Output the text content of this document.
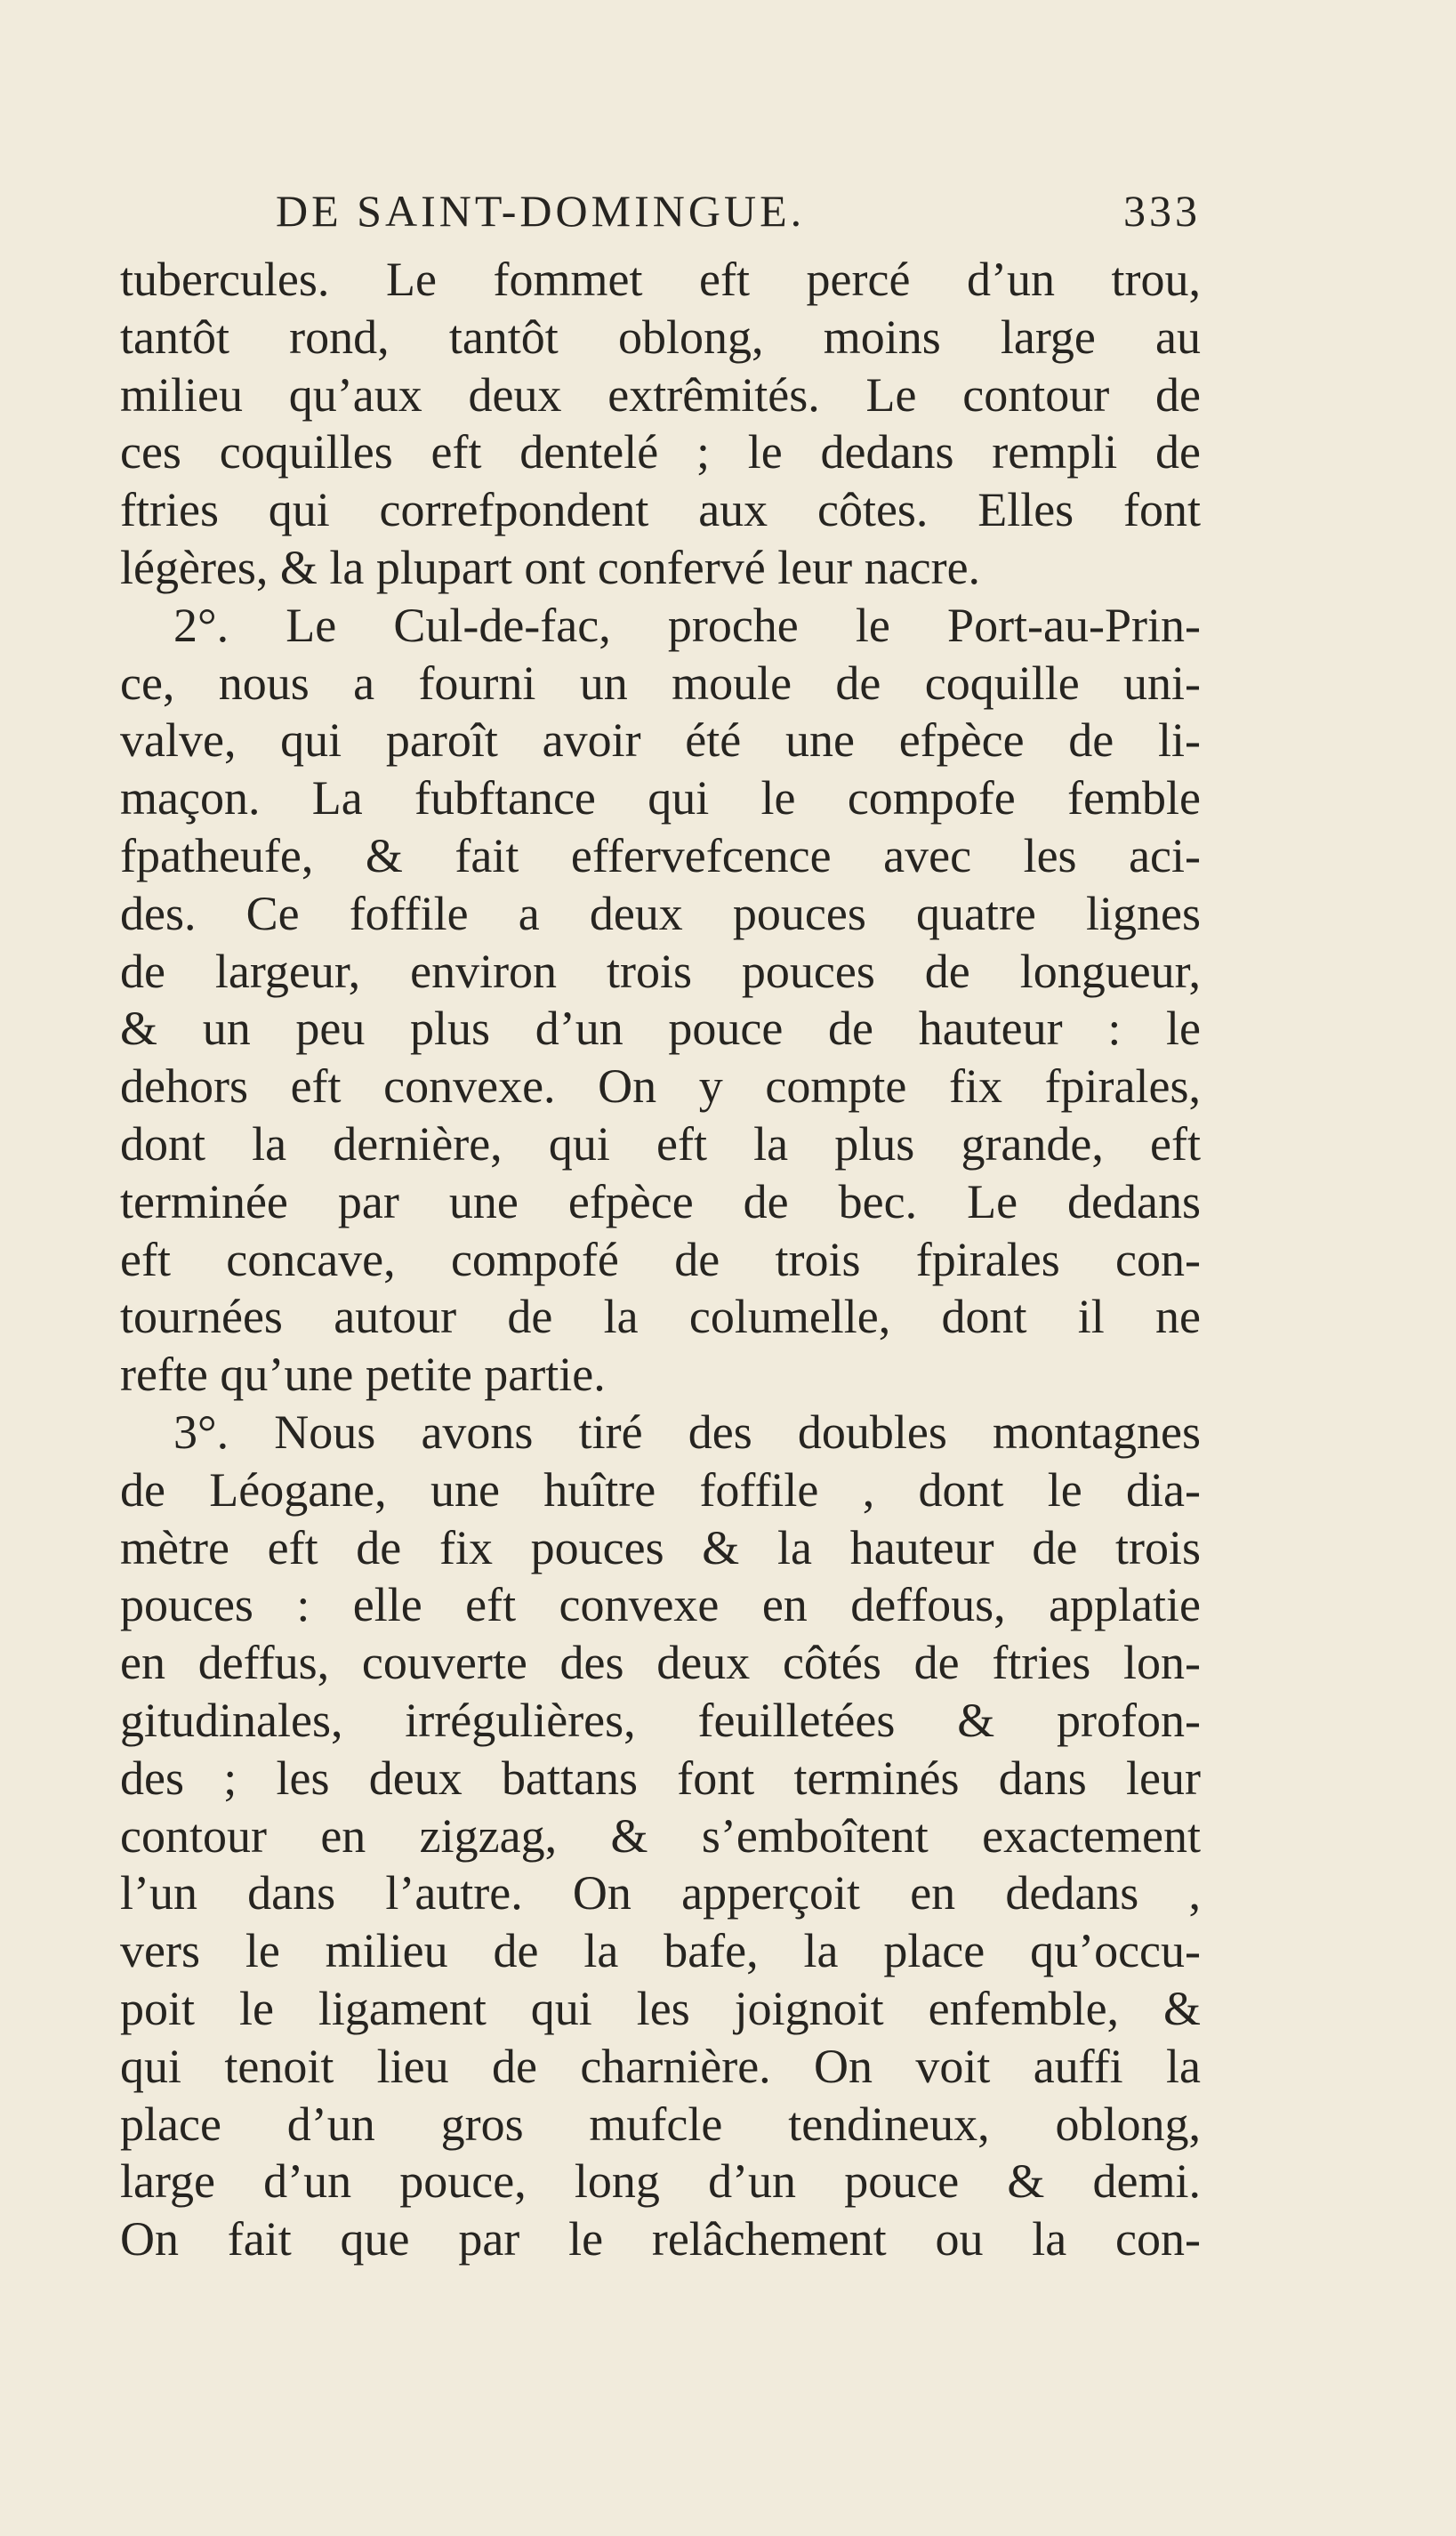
DE SAINT-DOMINGUE.	333
tubercules. Le fommet eft percé d’un trou,
tantôt rond, tantôt oblong, moins large au
milieu qu’aux deux extrêmités. Le contour de
ces coquilles eft dentelé ; le dedans rempli de
ftries qui correfpondent aux côtes. Elles font
légères, & la plupart ont confervé leur nacre.
2°. Le Cul-de-fac, proche le Port-au-Prin-
ce, nous a fourni un moule de coquille uni-
valve, qui paroît avoir été une efpèce de li-
maçon. La fubftance qui le compofe femble
fpatheufe, & fait effervefcence avec les aci-
des. Ce foffile a deux pouces quatre lignes
de largeur, environ trois pouces de longueur,
& un peu plus d’un pouce de hauteur : le
dehors eft convexe. On y compte fix fpirales,
dont la dernière, qui eft la plus grande, eft
terminée par une efpèce de bec. Le dedans
eft concave, compofé de trois fpirales con-
tournées autour de la columelle, dont il ne
refte qu’une petite partie.
3°. Nous avons tiré des doubles montagnes
de Léogane, une huître foffile , dont le dia-
mètre eft de fix pouces & la hauteur de trois
pouces : elle eft convexe en deffous, applatie
en deffus, couverte des deux côtés de ftries lon-
gitudinales, irrégulières, feuilletées & profon-
des ; les deux battans font terminés dans leur
contour en zigzag, & s’emboîtent exactement
l’un dans l’autre. On apperçoit en dedans ,
vers le milieu de la bafe, la place qu’occu-
poit le ligament qui les joignoit enfemble, &
qui tenoit lieu de charnière. On voit auffi la
place d’un gros mufcle tendineux, oblong,
large d’un pouce, long d’un pouce & demi.
On fait que par le relâchement ou la con-
